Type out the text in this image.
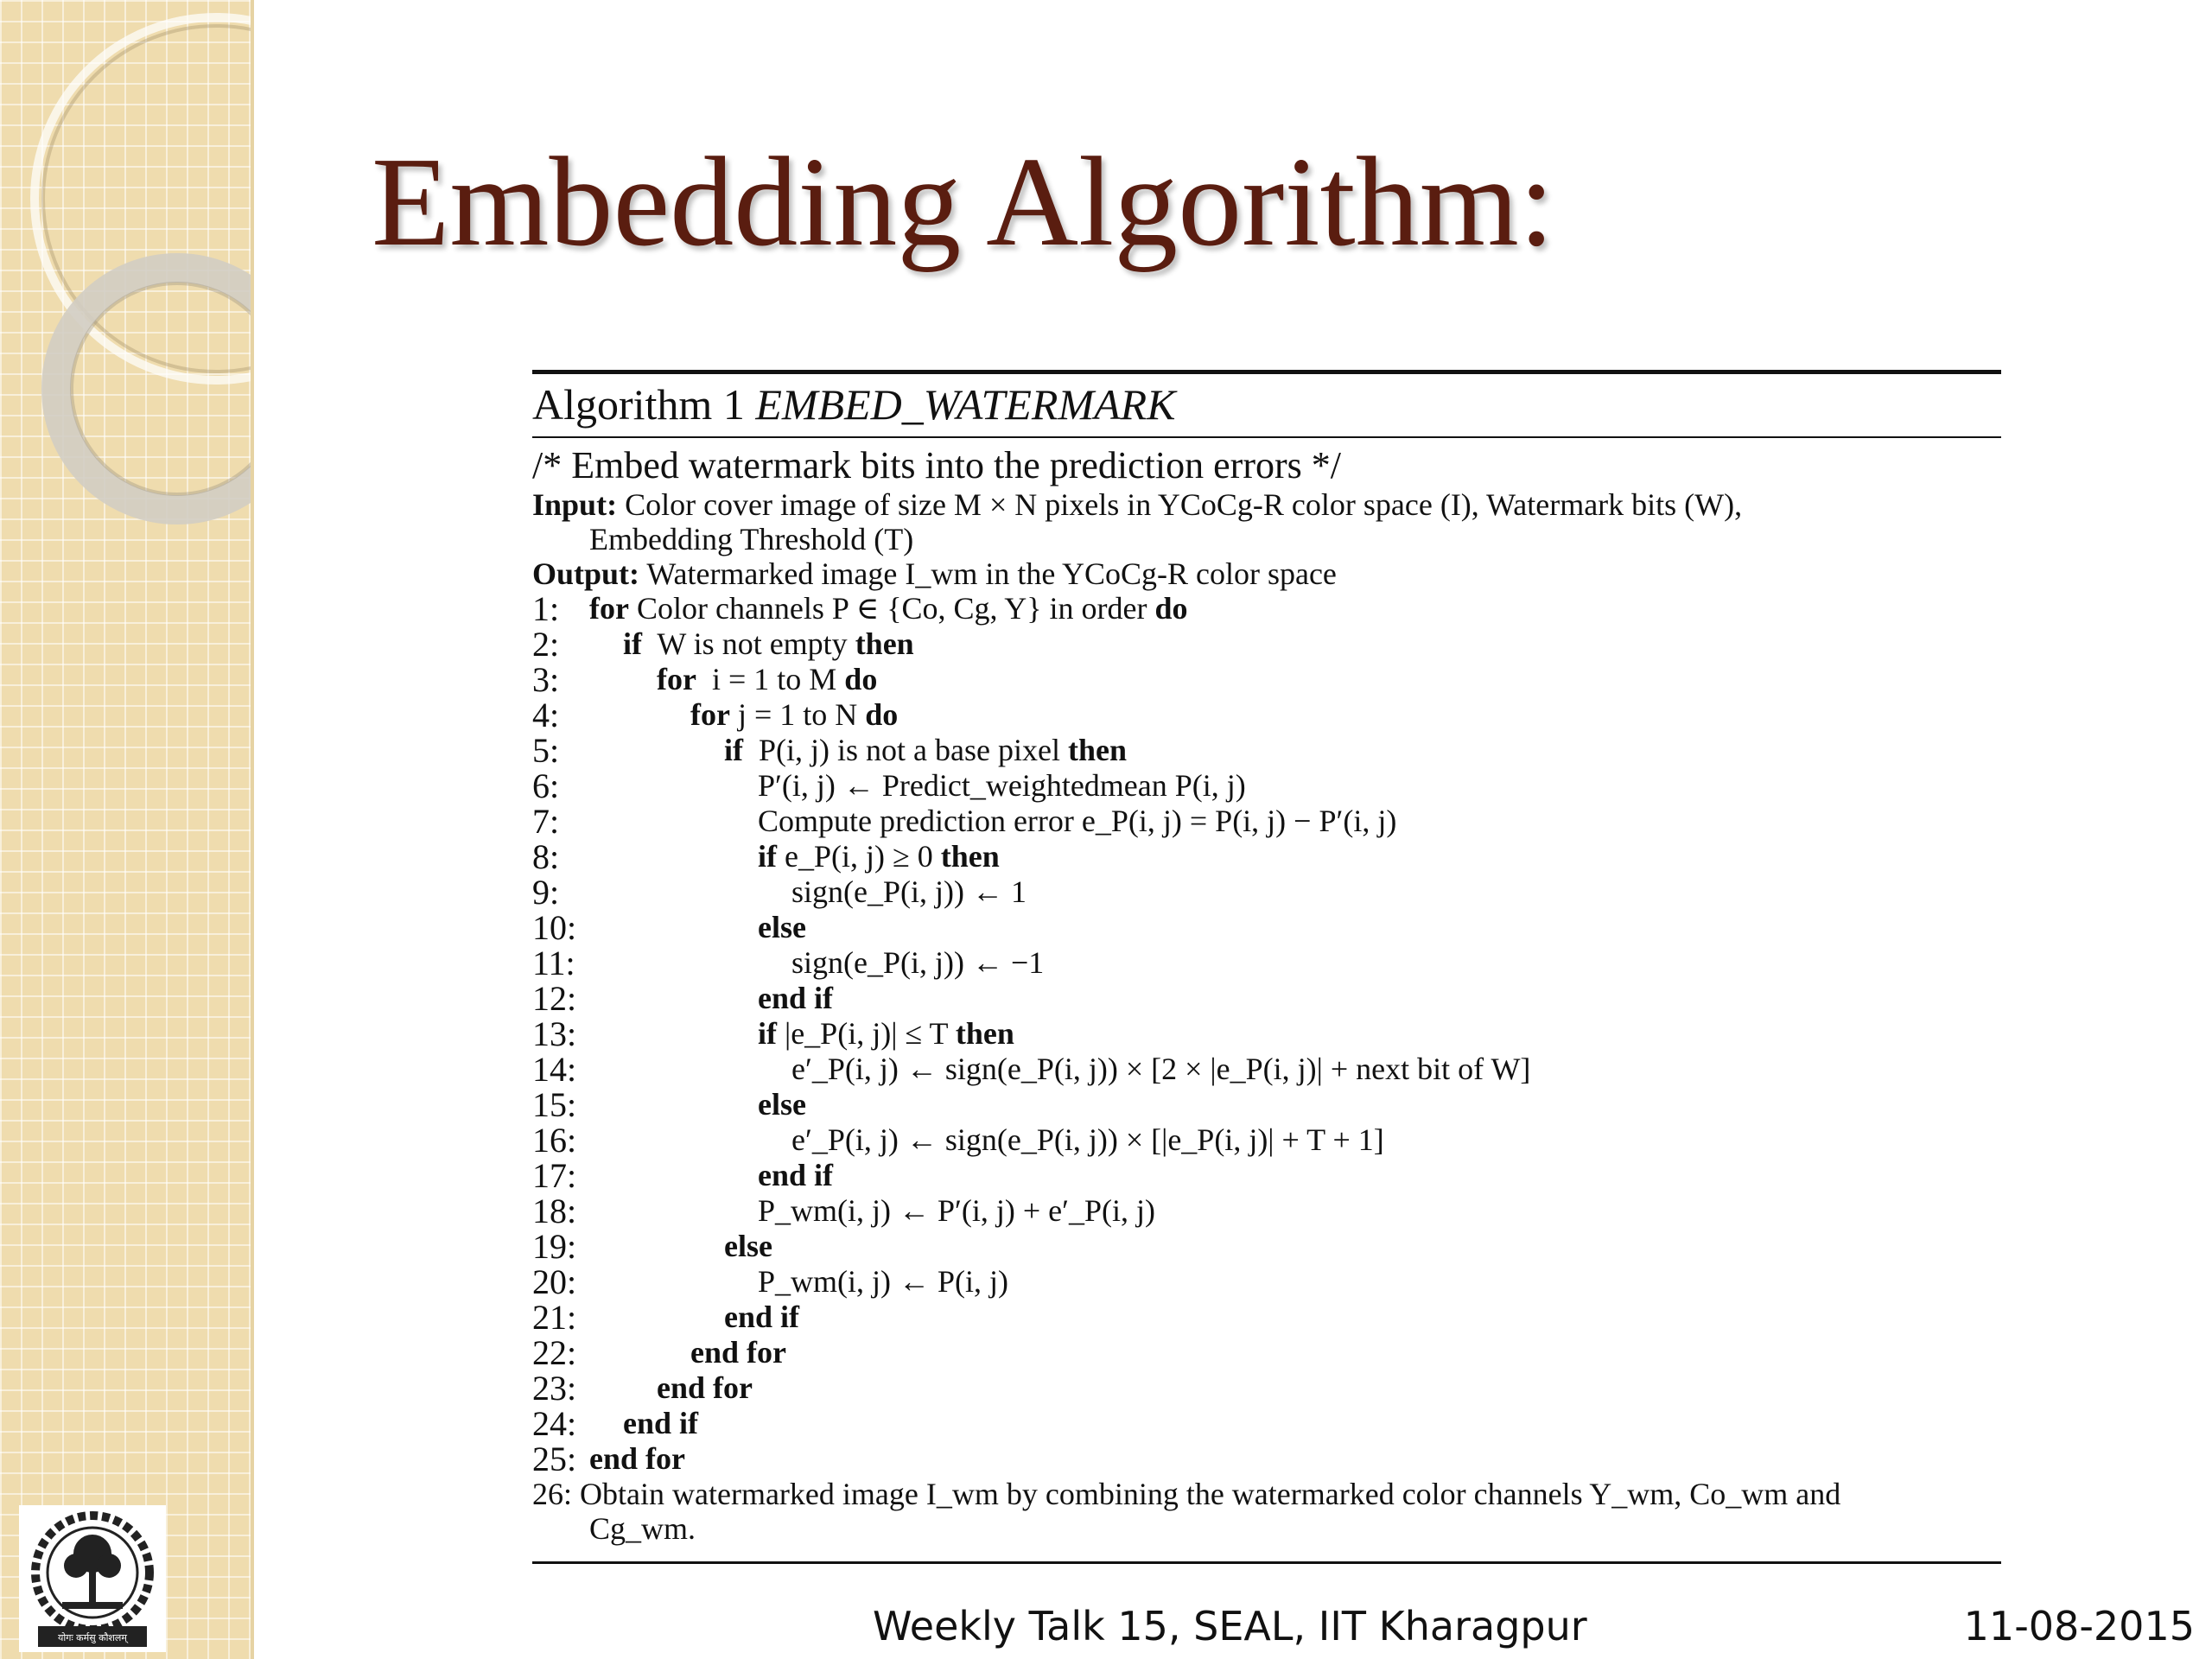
Embedding Algorithm:
Algorithm 1 EMBED_WATERMARK
/* Embed watermark bits into the prediction errors */
Input: Color cover image of size M × N pixels in YCoCg-R color space (I), Watermark bits (W),
Embedding Threshold (T)
Output: Watermarked image I_wm in the YCoCg-R color space
1: for Color channels P ∈ {Co, Cg, Y} in order do
2:	if  W is not empty then
3:	for  i = 1 to M do
4:	for j = 1 to N do
5:	if  P(i, j) is not a base pixel then
6:	P′(i, j) ← Predict_weightedmean P(i, j)
7:	Compute prediction error e_P(i, j) = P(i, j) − P′(i, j)
8:	if e_P(i, j) ≥ 0 then
9:	sign(e_P(i, j)) ← 1
10:	else
11:	sign(e_P(i, j)) ← −1
12:	end if
13:	if |e_P(i, j)| ≤ T then
14:	e′_P(i, j) ← sign(e_P(i, j)) × [2 × |e_P(i, j)| + next bit of W]
15:	else
16:	e′_P(i, j) ← sign(e_P(i, j)) × [|e_P(i, j)| + T + 1]
17:	end if
18:	P_wm(i, j) ← P′(i, j) + e′_P(i, j)
19:	else
20:	P_wm(i, j) ← P(i, j)
21:	end if
22:	end for
23:	end for
24:	end if
25: end for
26: Obtain watermarked image I_wm by combining the watermarked color channels Y_wm, Co_wm and
Cg_wm.
योगः कर्मसु कौशलम्	Weekly Talk 15, SEAL, IIT Kharagpur	11-08-2015
